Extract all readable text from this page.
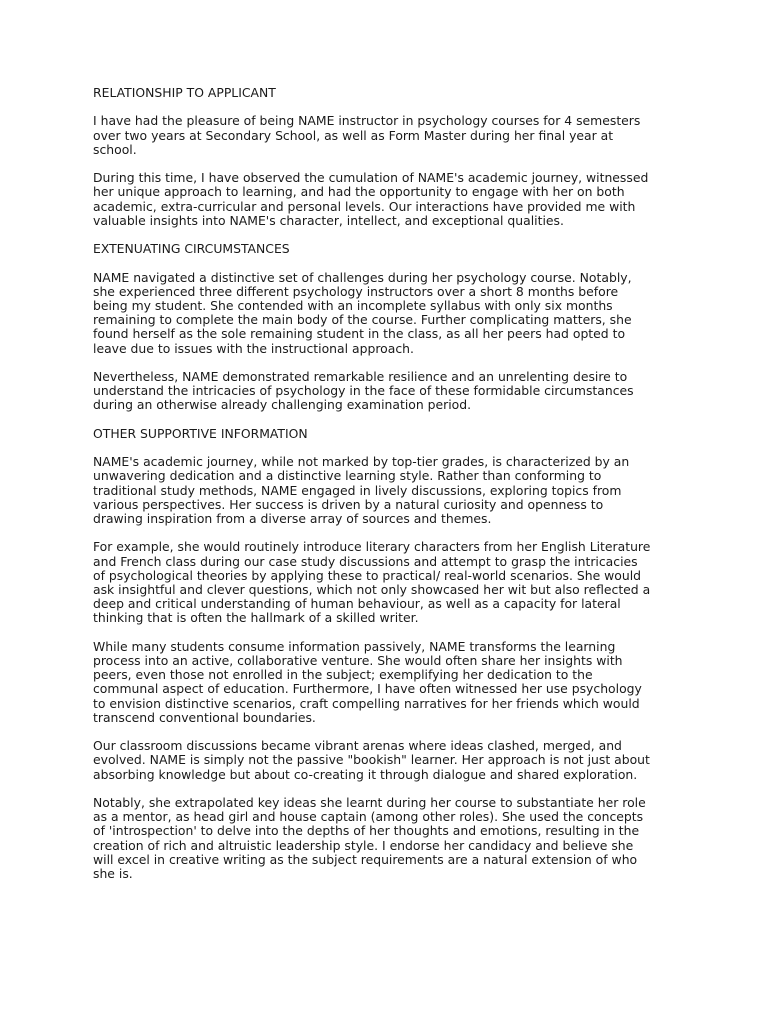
RELATIONSHIP TO APPLICANT
I have had the pleasure of being NAME instructor in psychology courses for 4 semesters
over two years at Secondary School, as well as Form Master during her final year at
school.
During this time, I have observed the cumulation of NAME's academic journey, witnessed
her unique approach to learning, and had the opportunity to engage with her on both
academic, extra-curricular and personal levels. Our interactions have provided me with
valuable insights into NAME's character, intellect, and exceptional qualities.
EXTENUATING CIRCUMSTANCES
NAME navigated a distinctive set of challenges during her psychology course. Notably,
she experienced three different psychology instructors over a short 8 months before
being my student. She contended with an incomplete syllabus with only six months
remaining to complete the main body of the course. Further complicating matters, she
found herself as the sole remaining student in the class, as all her peers had opted to
leave due to issues with the instructional approach.
Nevertheless, NAME demonstrated remarkable resilience and an unrelenting desire to
understand the intricacies of psychology in the face of these formidable circumstances
during an otherwise already challenging examination period.
OTHER SUPPORTIVE INFORMATION
NAME's academic journey, while not marked by top-tier grades, is characterized by an
unwavering dedication and a distinctive learning style. Rather than conforming to
traditional study methods, NAME engaged in lively discussions, exploring topics from
various perspectives. Her success is driven by a natural curiosity and openness to
drawing inspiration from a diverse array of sources and themes.
For example, she would routinely introduce literary characters from her English Literature
and French class during our case study discussions and attempt to grasp the intricacies
of psychological theories by applying these to practical/ real-world scenarios. She would
ask insightful and clever questions, which not only showcased her wit but also reflected a
deep and critical understanding of human behaviour, as well as a capacity for lateral
thinking that is often the hallmark of a skilled writer.
While many students consume information passively, NAME transforms the learning
process into an active, collaborative venture. She would often share her insights with
peers, even those not enrolled in the subject; exemplifying her dedication to the
communal aspect of education. Furthermore, I have often witnessed her use psychology
to envision distinctive scenarios, craft compelling narratives for her friends which would
transcend conventional boundaries.
Our classroom discussions became vibrant arenas where ideas clashed, merged, and
evolved. NAME is simply not the passive "bookish" learner. Her approach is not just about
absorbing knowledge but about co-creating it through dialogue and shared exploration.
Notably, she extrapolated key ideas she learnt during her course to substantiate her role
as a mentor, as head girl and house captain (among other roles). She used the concepts
of 'introspection' to delve into the depths of her thoughts and emotions, resulting in the
creation of rich and altruistic leadership style. I endorse her candidacy and believe she
will excel in creative writing as the subject requirements are a natural extension of who
she is.
